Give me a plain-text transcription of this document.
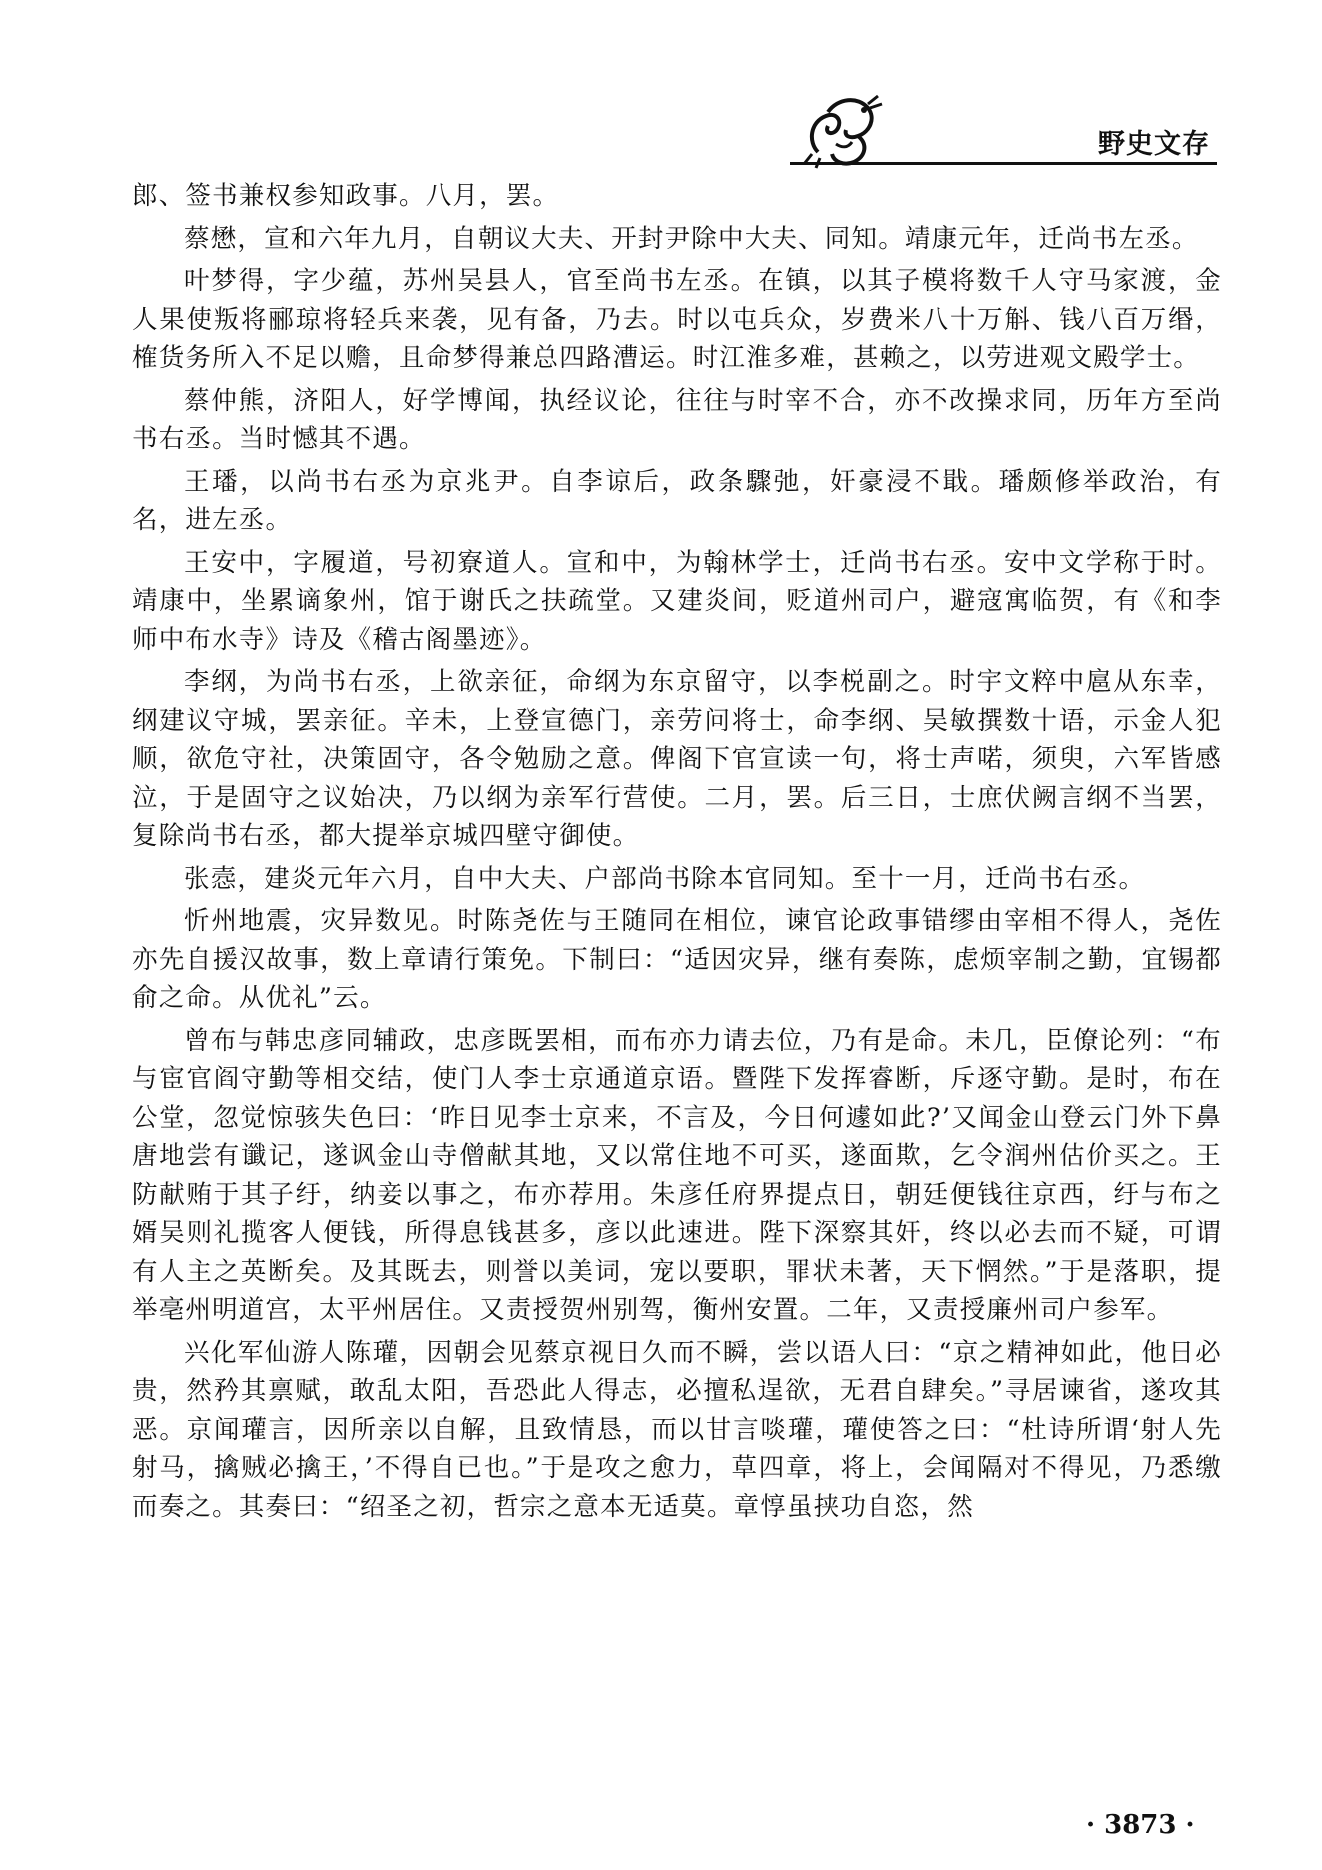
野史文存

郎、签书兼权参知政事。八月，罢。

蔡懋，宣和六年九月，自朝议大夫、开封尹除中大夫、同知。靖康元年，迁尚书左丞。

叶梦得，字少蕴，苏州吴县人，官至尚书左丞。在镇，以其子模将数千人守马家渡，金人果使叛将郦琼将轻兵来袭，见有备，乃去。时以屯兵众，岁费米八十万斛、钱八百万缗，榷货务所入不足以赡，且命梦得兼总四路漕运。时江淮多难，甚赖之，以劳进观文殿学士。

蔡仲熊，济阳人，好学博闻，执经议论，往往与时宰不合，亦不改操求同，历年方至尚书右丞。当时憾其不遇。

王璠，以尚书右丞为京兆尹。自李谅后，政条驟弛，奸豪浸不戢。璠颇修举政治，有名，进左丞。

王安中，字履道，号初寮道人。宣和中，为翰林学士，迁尚书右丞。安中文学称于时。靖康中，坐累谪象州，馆于谢氏之扶疏堂。又建炎间，贬道州司户，避寇寓临贺，有《和李师中布水寺》诗及《稽古阁墨迹》。

李纲，为尚书右丞，上欲亲征，命纲为东京留守，以李棁副之。时宇文粹中扈从东幸，纲建议守城，罢亲征。辛未，上登宣德门，亲劳问将士，命李纲、吴敏撰数十语，示金人犯顺，欲危守社，决策固守，各令勉励之意。俾阁下官宣读一句，将士声喏，须臾，六军皆感泣，于是固守之议始决，乃以纲为亲军行营使。二月，罢。后三日，士庶伏阙言纲不当罢，复除尚书右丞，都大提举京城四壁守御使。

张悫，建炎元年六月，自中大夫、户部尚书除本官同知。至十一月，迁尚书右丞。

忻州地震，灾异数见。时陈尧佐与王随同在相位，谏官论政事错缪由宰相不得人，尧佐亦先自援汉故事，数上章请行策免。下制曰：“适因灾异，继有奏陈，虑烦宰制之勤，宜锡都俞之命。从优礼”云。

曾布与韩忠彦同辅政，忠彦既罢相，而布亦力请去位，乃有是命。未几，臣僚论列：“布与宦官阎守勤等相交结，使门人李士京通道京语。暨陛下发挥睿断，斥逐守勤。是时，布在公堂，忽觉惊骇失色曰：‘昨日见李士京来，不言及，今日何遽如此?’又闻金山登云门外下鼻唐地尝有谶记，遂讽金山寺僧献其地，又以常住地不可买，遂面欺，乞令润州估价买之。王防献贿于其子纡，纳妾以事之，布亦荐用。朱彦任府界提点日，朝廷便钱往京西，纡与布之婿吴则礼揽客人便钱，所得息钱甚多，彦以此速进。陛下深察其奸，终以必去而不疑，可谓有人主之英断矣。及其既去，则誉以美词，宠以要职，罪状未著，天下惘然。”于是落职，提举亳州明道宫，太平州居住。又责授贺州别驾，衡州安置。二年，又责授廉州司户参军。

兴化军仙游人陈瓘，因朝会见蔡京视日久而不瞬，尝以语人曰：“京之精神如此，他日必贵，然矜其禀赋，敢乱太阳，吾恐此人得志，必擅私逞欲，无君自肆矣。”寻居谏省，遂攻其恶。京闻瓘言，因所亲以自解，且致情恳，而以甘言啖瓘，瓘使答之曰：“杜诗所谓‘射人先射马，擒贼必擒王，’不得自已也。”于是攻之愈力，草四章，将上，会闻隔对不得见，乃悉缴而奏之。其奏曰：“绍圣之初，哲宗之意本无适莫。章惇虽挟功自恣，然

· 3873 ·
